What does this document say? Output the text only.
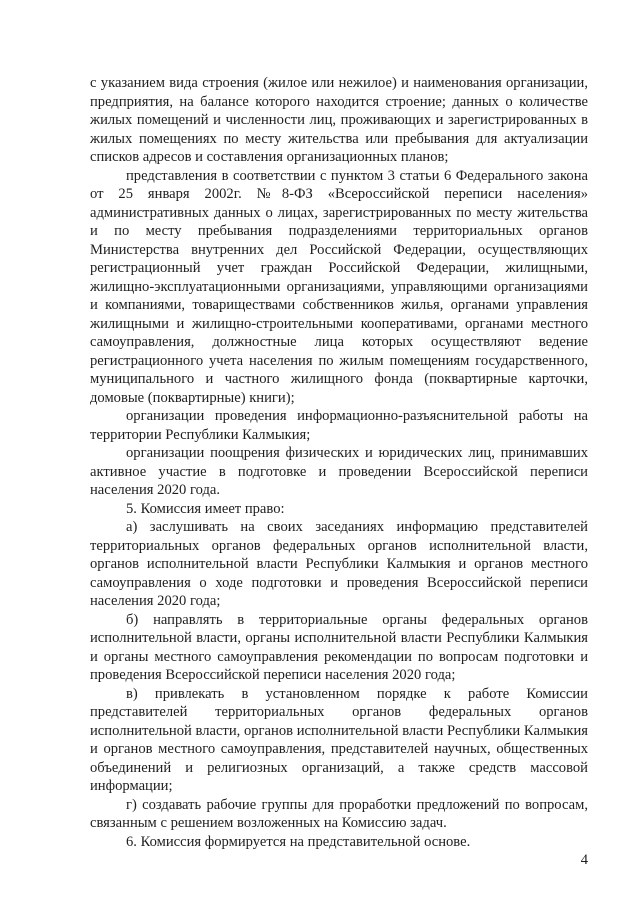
с указанием вида строения (жилое или нежилое) и наименования организации, предприятия, на балансе которого находится строение; данных о количестве жилых помещений и численности лиц, проживающих и зарегистрированных в жилых помещениях по месту жительства или пребывания для актуализации списков адресов и составления организационных планов;

представления в соответствии с пунктом 3 статьи 6 Федерального закона от 25 января 2002г. №8-ФЗ «Всероссийской переписи населения» административных данных о лицах, зарегистрированных по месту жительства и по месту пребывания подразделениями территориальных органов Министерства внутренних дел Российской Федерации, осуществляющих регистрационный учет граждан Российской Федерации, жилищными, жилищно-эксплуатационными организациями, управляющими организациями и компаниями, товариществами собственников жилья, органами управления жилищными и жилищно-строительными кооперативами, органами местного самоуправления, должностные лица которых осуществляют ведение регистрационного учета населения по жилым помещениям государственного, муниципального и частного жилищного фонда (поквартирные карточки, домовые (поквартирные) книги);

организации проведения информационно-разъяснительной работы на территории Республики Калмыкия;

организации поощрения физических и юридических лиц, принимавших активное участие в подготовке и проведении Всероссийской переписи населения 2020 года.

5. Комиссия имеет право:

а) заслушивать на своих заседаниях информацию представителей территориальных органов федеральных органов исполнительной власти, органов исполнительной власти Республики Калмыкия и органов местного самоуправления о ходе подготовки и проведения Всероссийской переписи населения 2020 года;

б) направлять в территориальные органы федеральных органов исполнительной власти, органы исполнительной власти Республики Калмыкия и органы местного самоуправления рекомендации по вопросам подготовки и проведения Всероссийской переписи населения 2020 года;

в) привлекать в установленном порядке к работе Комиссии представителей территориальных органов федеральных органов исполнительной власти, органов исполнительной власти Республики Калмыкия и органов местного самоуправления, представителей научных, общественных объединений и религиозных организаций, а также средств массовой информации;

г) создавать рабочие группы для проработки предложений по вопросам, связанным с решением возложенных на Комиссию задач.

6. Комиссия формируется на представительной основе.

4
